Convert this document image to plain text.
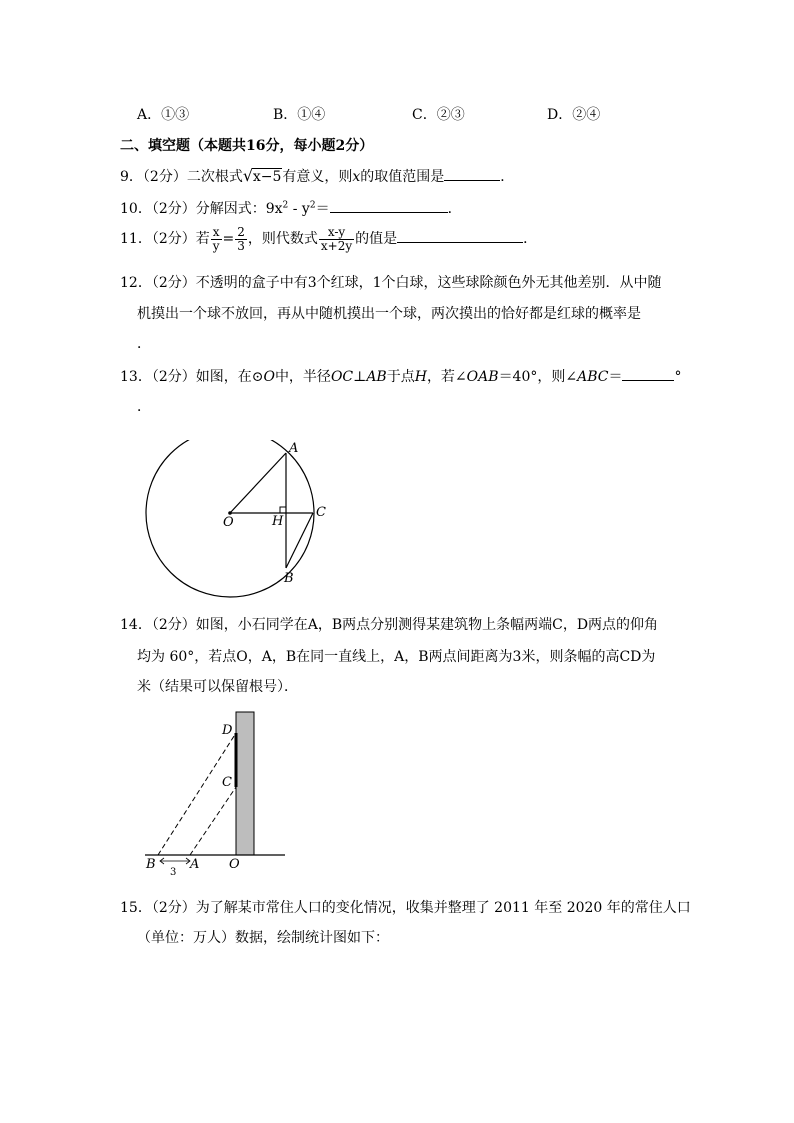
A．①③	B．①④	C．②③	D．②④
二、填空题（本题共16分，每小题2分）
9．（2分）二次根式 √ x−5有意义，则x的取值范围是	．
10．（2分）分解因式：$9x^2 - y^2=$	．
11．（2分）若 $\frac{x}{y} = \frac{2}{3}$ ，则代数式 $\frac{x-y}{x+2y}$ 的值是	．
12．（2分）不透明的盒子中有3个红球，1个白球，这些球除颜色外无其他差别．从中随
机摸出一个球不放回，再从中随机摸出一个球，两次摸出的恰好都是红球的概率是
．
13．（2分）如图，在⊙O中，半径OC⊥AB于点H，若∠OAB＝40°，则∠ABC＝	°
．
A
O	H
C
B
14．（2分）如图，小石同学在A，B两点分别测得某建筑物上条幅两端C，D两点的仰角
均为 60°，若点O，A，B在同一直线上，A，B两点间距离为3米，则条幅的高CD为
米（结果可以保留根号）．
D
C
B	A O
3
15．（2分）为了解某市常住人口的变化情况，收集并整理了 2011 年至 2020 年的常住人口
（单位：万人）数据，绘制统计图如下：
